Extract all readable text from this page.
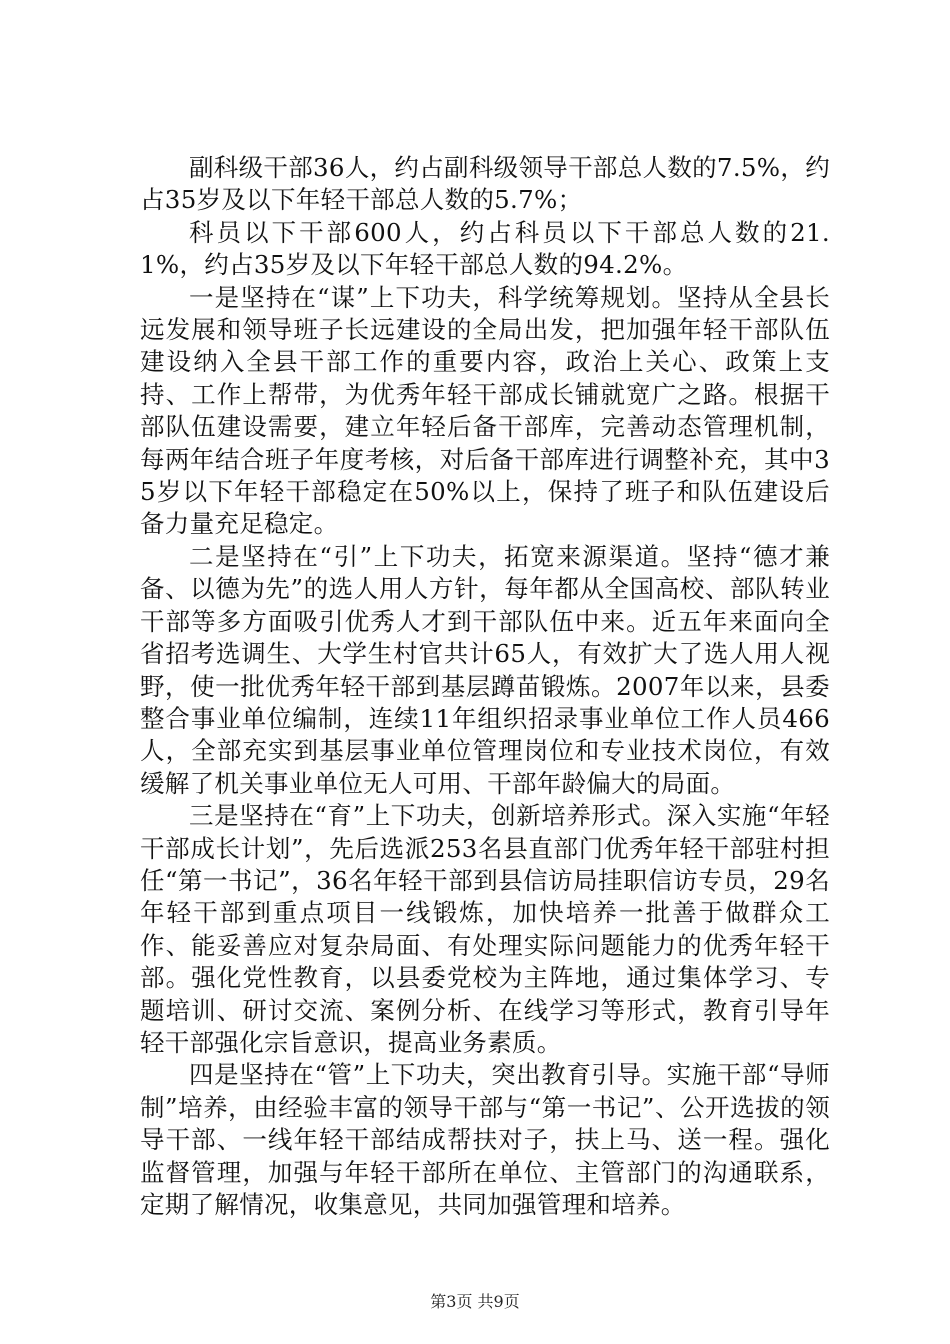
副科级干部36人，约占副科级领导干部总人数的7.5%，约占35岁及以下年轻干部总人数的5.7%；

科员以下干部600人，约占科员以下干部总人数的21.1%，约占35岁及以下年轻干部总人数的94.2%。

一是坚持在“谋”上下功夫，科学统筹规划。坚持从全县长远发展和领导班子长远建设的全局出发，把加强年轻干部队伍建设纳入全县干部工作的重要内容，政治上关心、政策上支持、工作上帮带，为优秀年轻干部成长铺就宽广之路。根据干部队伍建设需要，建立年轻后备干部库，完善动态管理机制，每两年结合班子年度考核，对后备干部库进行调整补充，其中35岁以下年轻干部稳定在50%以上，保持了班子和队伍建设后备力量充足稳定。

二是坚持在“引”上下功夫，拓宽来源渠道。坚持“德才兼备、以德为先”的选人用人方针，每年都从全国高校、部队转业干部等多方面吸引优秀人才到干部队伍中来。近五年来面向全省招考选调生、大学生村官共计65人，有效扩大了选人用人视野，使一批优秀年轻干部到基层蹲苗锻炼。2007年以来，县委整合事业单位编制，连续11年组织招录事业单位工作人员466人，全部充实到基层事业单位管理岗位和专业技术岗位，有效缓解了机关事业单位无人可用、干部年龄偏大的局面。

三是坚持在“育”上下功夫，创新培养形式。深入实施“年轻干部成长计划”，先后选派253名县直部门优秀年轻干部驻村担任“第一书记”，36名年轻干部到县信访局挂职信访专员，29名年轻干部到重点项目一线锻炼，加快培养一批善于做群众工作、能妥善应对复杂局面、有处理实际问题能力的优秀年轻干部。强化党性教育，以县委党校为主阵地，通过集体学习、专题培训、研讨交流、案例分析、在线学习等形式，教育引导年轻干部强化宗旨意识，提高业务素质。

四是坚持在“管”上下功夫，突出教育引导。实施干部“导师制”培养，由经验丰富的领导干部与“第一书记”、公开选拔的领导干部、一线年轻干部结成帮扶对子，扶上马、送一程。强化监督管理，加强与年轻干部所在单位、主管部门的沟通联系，定期了解情况，收集意见，共同加强管理和培养。

第3页 共9页
